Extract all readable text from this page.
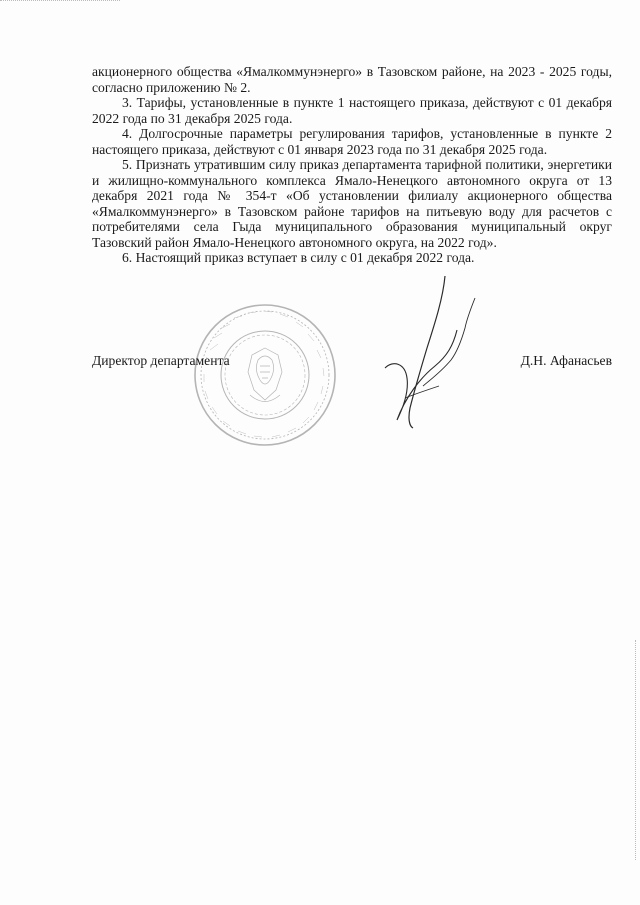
акционерного общества «Ямалкоммунэнерго» в Тазовском районе, на 2023 - 2025 годы, согласно приложению № 2.

3. Тарифы, установленные в пункте 1 настоящего приказа, действуют с 01 декабря 2022 года по 31 декабря 2025 года.

4. Долгосрочные параметры регулирования тарифов, установленные в пункте 2 настоящего приказа, действуют с 01 января 2023 года по 31 декабря 2025 года.

5. Признать утратившим силу приказ департамента тарифной политики, энергетики и жилищно-коммунального комплекса Ямало-Ненецкого автономного округа от 13 декабря 2021 года № 354-т «Об установлении филиалу акционерного общества «Ямалкоммунэнерго» в Тазовском районе тарифов на питьевую воду для расчетов с потребителями села Гыда муниципального образования муниципальный округ Тазовский район Ямало-Ненецкого автономного округа, на 2022 год».

6. Настоящий приказ вступает в силу с 01 декабря 2022 года.

Директор департамента	Д.Н. Афанасьев
